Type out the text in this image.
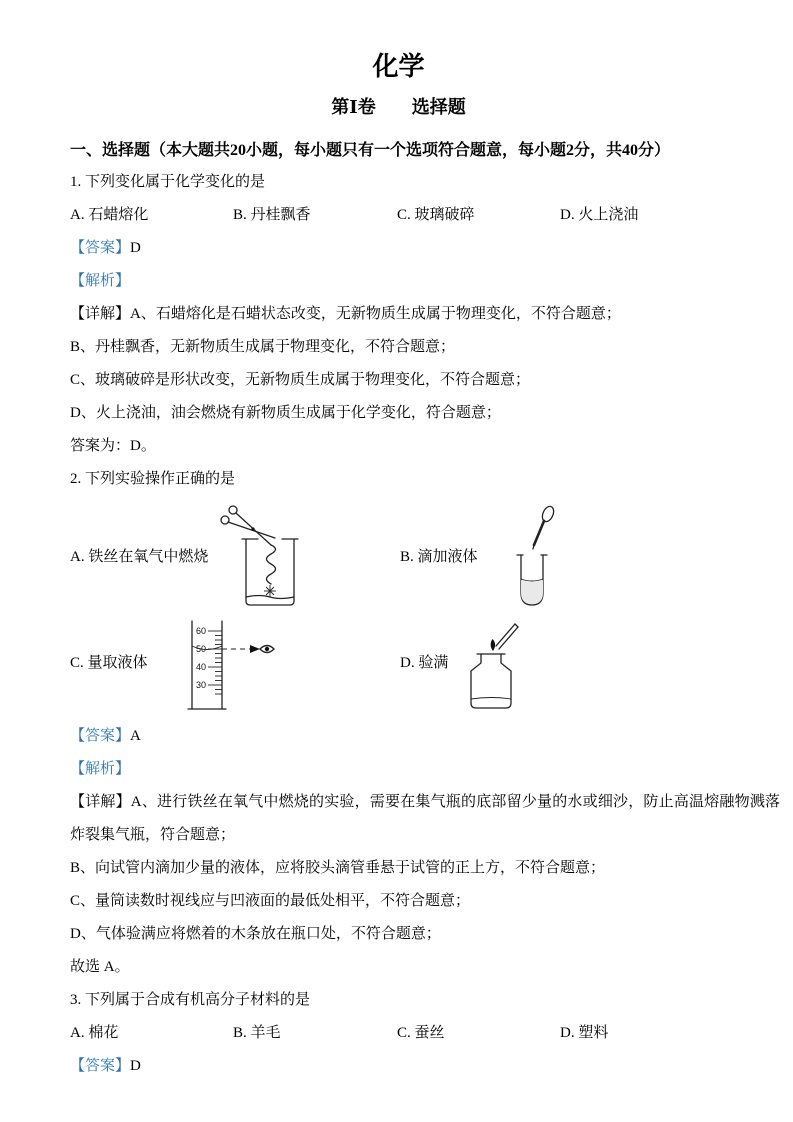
化学
第Ⅰ卷　　选择题
一、选择题（本大题共20小题，每小题只有一个选项符合题意，每小题2分，共40分）
1. 下列变化属于化学变化的是
A. 石蜡熔化	B. 丹桂飘香	C. 玻璃破碎	D. 火上浇油
【答案】D
【解析】
【详解】A、石蜡熔化是石蜡状态改变，无新物质生成属于物理变化，不符合题意；
B、丹桂飘香，无新物质生成属于物理变化，不符合题意；
C、玻璃破碎是形状改变，无新物质生成属于物理变化，不符合题意；
D、火上浇油，油会燃烧有新物质生成属于化学变化，符合题意；
答案为：D。
2. 下列实验操作正确的是
A. 铁丝在氧气中燃烧	B. 滴加液体
C. 量取液体
60
50
40
30
D. 验满
【答案】A
【解析】
【详解】A、进行铁丝在氧气中燃烧的实验，需要在集气瓶的底部留少量的水或细沙，防止高温熔融物溅落
炸裂集气瓶，符合题意；
B、向试管内滴加少量的液体，应将胶头滴管垂悬于试管的正上方，不符合题意；
C、量筒读数时视线应与凹液面的最低处相平，不符合题意；
D、气体验满应将燃着的木条放在瓶口处，不符合题意；
故选 A。
3. 下列属于合成有机高分子材料的是
A. 棉花	B. 羊毛	C. 蚕丝	D. 塑料
【答案】D
